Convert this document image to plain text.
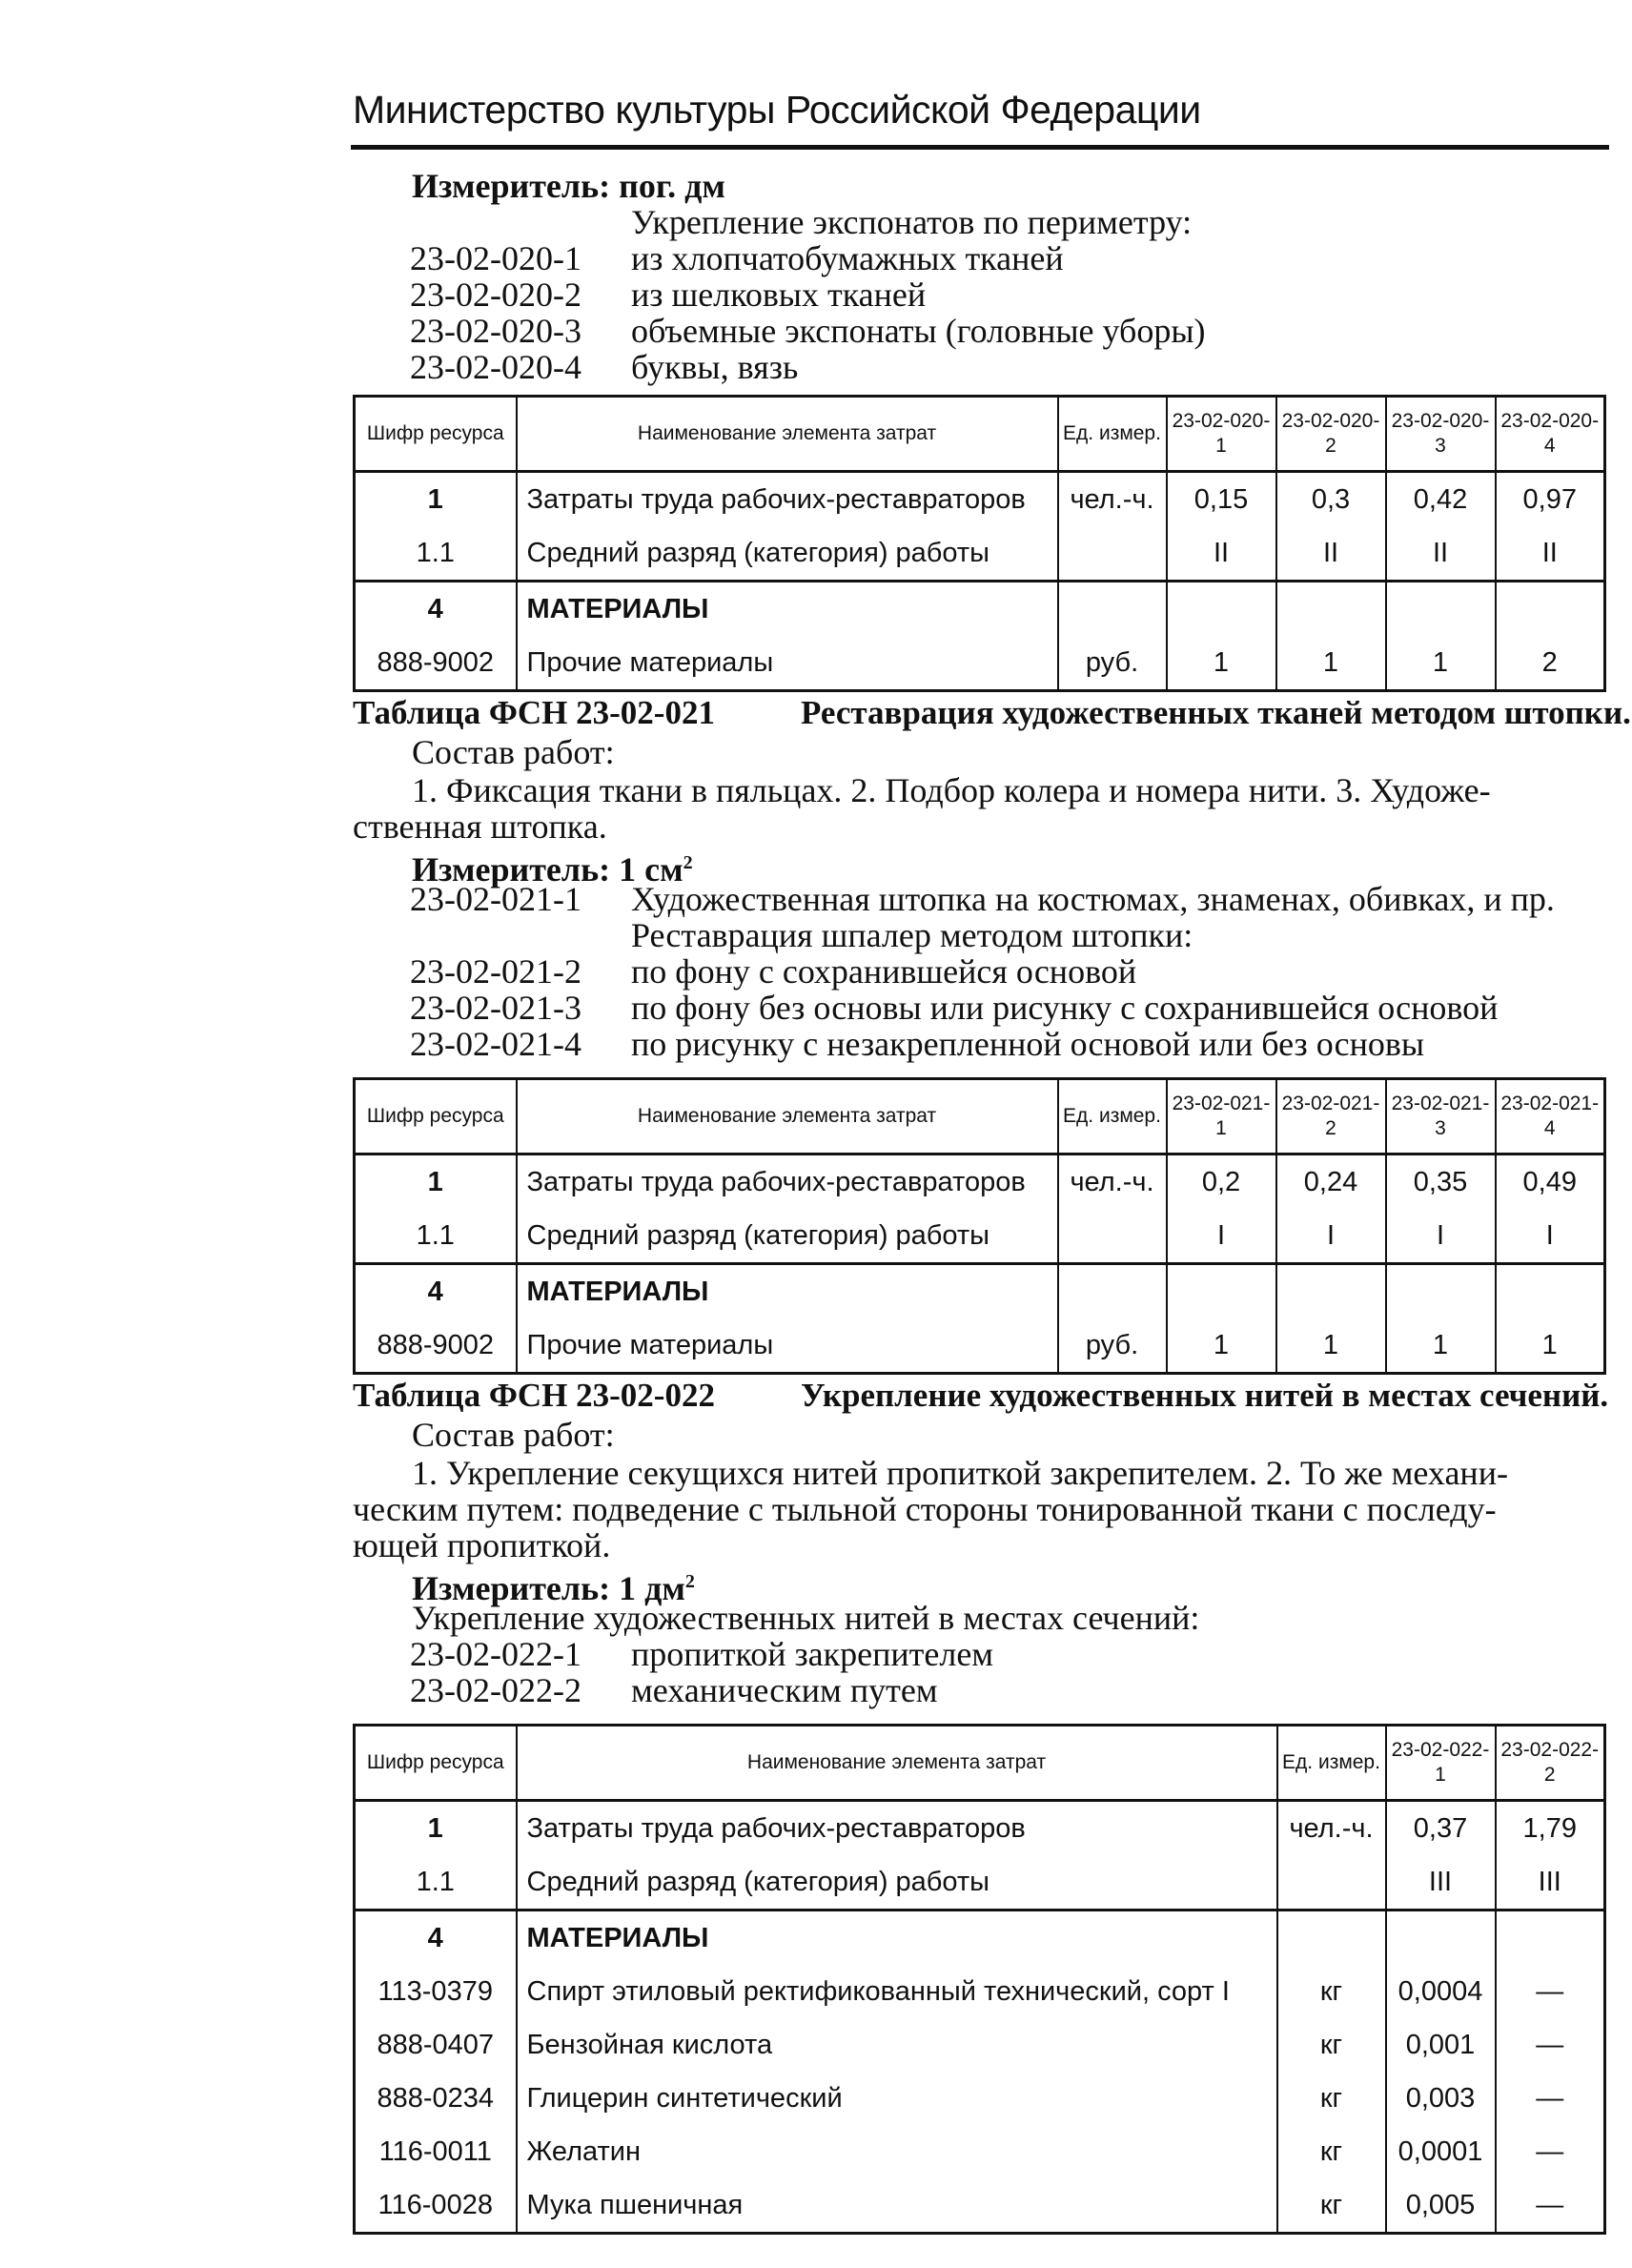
Министерство культуры Российской Федерации
Измеритель: пог. дм
Укрепление экспонатов по периметру:
23-02-020-1 из хлопчатобумажных тканей
23-02-020-2 из шелковых тканей
23-02-020-3 объемные экспонаты (головные уборы)
23-02-020-4 буквы, вязь
Шифр ресурса	Наименование элемента затрат	Ед. измер.	23-02-020-1	23-02-020-2	23-02-020-3	23-02-020-4
1	Затраты труда рабочих-реставраторов	чел.-ч.	0,15	0,3	0,42	0,97
1.1	Средний разряд (категория) работы		II	II	II	II
4	МАТЕРИАЛЫ					
888-9002	Прочие материалы	руб.	1	1	1	2
Таблица ФСН 23-02-021	Реставрация художественных тканей методом штопки.
Состав работ:
1. Фиксация ткани в пяльцах. 2. Подбор колера и номера нити. 3. Художе-
ственная штопка.
Измеритель: 1 $см^2$
23-02-021-1 Художественная штопка на костюмах, знаменах, обивках, и пр.
Реставрация шпалер методом штопки:
23-02-021-2 по фону с сохранившейся основой
23-02-021-3 по фону без основы или рисунку с сохранившейся основой
23-02-021-4 по рисунку с незакрепленной основой или без основы
Шифр ресурса	Наименование элемента затрат	Ед. измер.	23-02-021-1	23-02-021-2	23-02-021-3	23-02-021-4
1	Затраты труда рабочих-реставраторов	чел.-ч.	0,2	0,24	0,35	0,49
1.1	Средний разряд (категория) работы		I	I	I	I
4	МАТЕРИАЛЫ					
888-9002	Прочие материалы	руб.	1	1	1	1
Таблица ФСН 23-02-022	Укрепление художественных нитей в местах сечений.
Состав работ:
1. Укрепление секущихся нитей пропиткой закрепителем. 2. То же механи-
ческим путем: подведение с тыльной стороны тонированной ткани с последу-
ющей пропиткой.
Измеритель: 1 $дм^2$
Укрепление художественных нитей в местах сечений:
23-02-022-1 пропиткой закрепителем
23-02-022-2 механическим путем
Шифр ресурса	Наименование элемента затрат	Ед. измер.	23-02-022-1	23-02-022-2
1	Затраты труда рабочих-реставраторов	чел.-ч.	0,37	1,79
1.1	Средний разряд (категория) работы		III	III
4	МАТЕРИАЛЫ			
113-0379	Спирт этиловый ректификованный технический, сорт I	кг	0,0004	—
888-0407	Бензойная кислота	кг	0,001	—
888-0234	Глицерин синтетический	кг	0,003	—
116-0011	Желатин	кг	0,0001	—
116-0028	Мука пшеничная	кг	0,005	—
